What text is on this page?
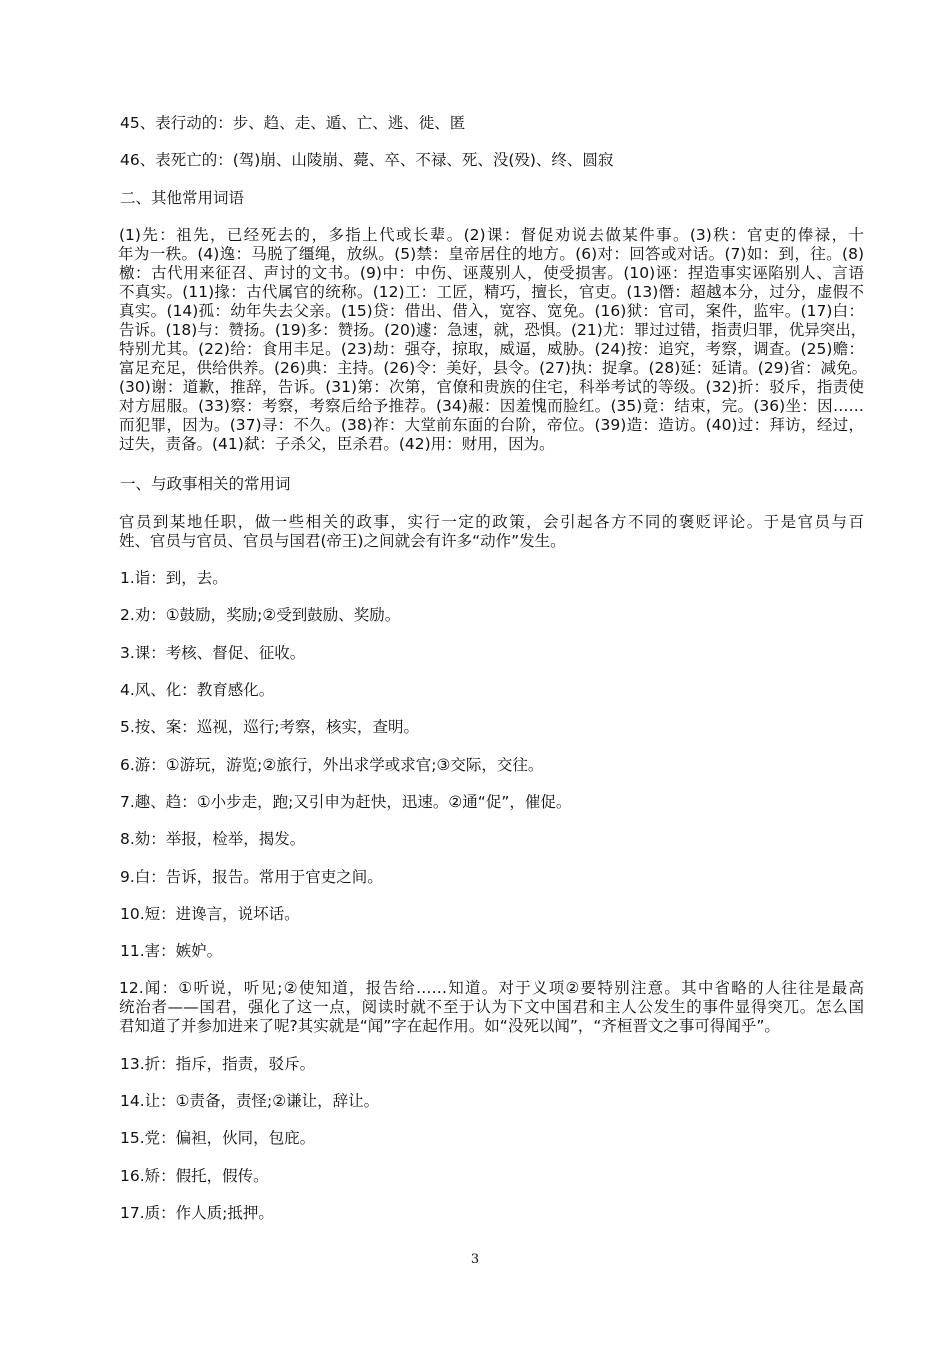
45、表行动的：步、趋、走、遁、亡、逃、徙、匿

46、表死亡的：(驾)崩、山陵崩、薨、卒、不禄、死、没(殁)、终、圆寂

二、其他常用词语

(1)先：祖先，已经死去的，多指上代或长辈。(2)课：督促劝说去做某件事。(3)秩：官吏的俸禄，十
年为一秩。(4)逸：马脱了缰绳，放纵。(5)禁：皇帝居住的地方。(6)对：回答或对话。(7)如：到，往。(8)
檄：古代用来征召、声讨的文书。(9)中：中伤、诬蔑别人，使受损害。(10)诬：捏造事实诬陷别人、言语
不真实。(11)掾：古代属官的统称。(12)工：工匠，精巧，擅长，官吏。(13)僭：超越本分，过分，虚假不
真实。(14)孤：幼年失去父亲。(15)贷：借出、借入，宽容、宽免。(16)狱：官司，案件，监牢。(17)白：
告诉。(18)与：赞扬。(19)多：赞扬。(20)遽：急速，就，恐惧。(21)尤：罪过过错，指责归罪，优异突出，
特别尤其。(22)给：食用丰足。(23)劫：强夺，掠取，威逼，威胁。(24)按：追究，考察，调查。(25)赡：
富足充足，供给供养。(26)典：主持。(26)令：美好，县令。(27)执：捉拿。(28)延：延请。(29)省：减免。
(30)谢：道歉，推辞，告诉。(31)第：次第，官僚和贵族的住宅，科举考试的等级。(32)折：驳斥，指责使
对方屈服。(33)察：考察，考察后给予推荐。(34)赧：因羞愧而脸红。(35)竟：结束，完。(36)坐：因……
而犯罪，因为。(37)寻：不久。(38)祚：大堂前东面的台阶，帝位。(39)造：造访。(40)过：拜访，经过，
过失，责备。(41)弑：子杀父，臣杀君。(42)用：财用，因为。

一、与政事相关的常用词

官员到某地任职，做一些相关的政事，实行一定的政策，会引起各方不同的褒贬评论。于是官员与百
姓、官员与官员、官员与国君(帝王)之间就会有许多“动作”发生。

1.诣：到，去。

2.劝：①鼓励，奖励;②受到鼓励、奖励。

3.课：考核、督促、征收。

4.风、化：教育感化。

5.按、案：巡视，巡行;考察，核实，查明。

6.游：①游玩，游览;②旅行，外出求学或求官;③交际，交往。

7.趣、趋：①小步走，跑;又引申为赶快，迅速。②通“促”，催促。

8.劾：举报，检举，揭发。

9.白：告诉，报告。常用于官吏之间。

10.短：进谗言，说坏话。

11.害：嫉妒。

12.闻：①听说，听见;②使知道，报告给……知道。对于义项②要特别注意。其中省略的人往往是最高
统治者——国君，强化了这一点，阅读时就不至于认为下文中国君和主人公发生的事件显得突兀。怎么国
君知道了并参加进来了呢?其实就是“闻”字在起作用。如“没死以闻”，“齐桓晋文之事可得闻乎”。

13.折：指斥，指责，驳斥。

14.让：①责备，责怪;②谦让，辞让。

15.党：偏袒，伙同，包庇。

16.矫：假托，假传。

17.质：作人质;抵押。

3
